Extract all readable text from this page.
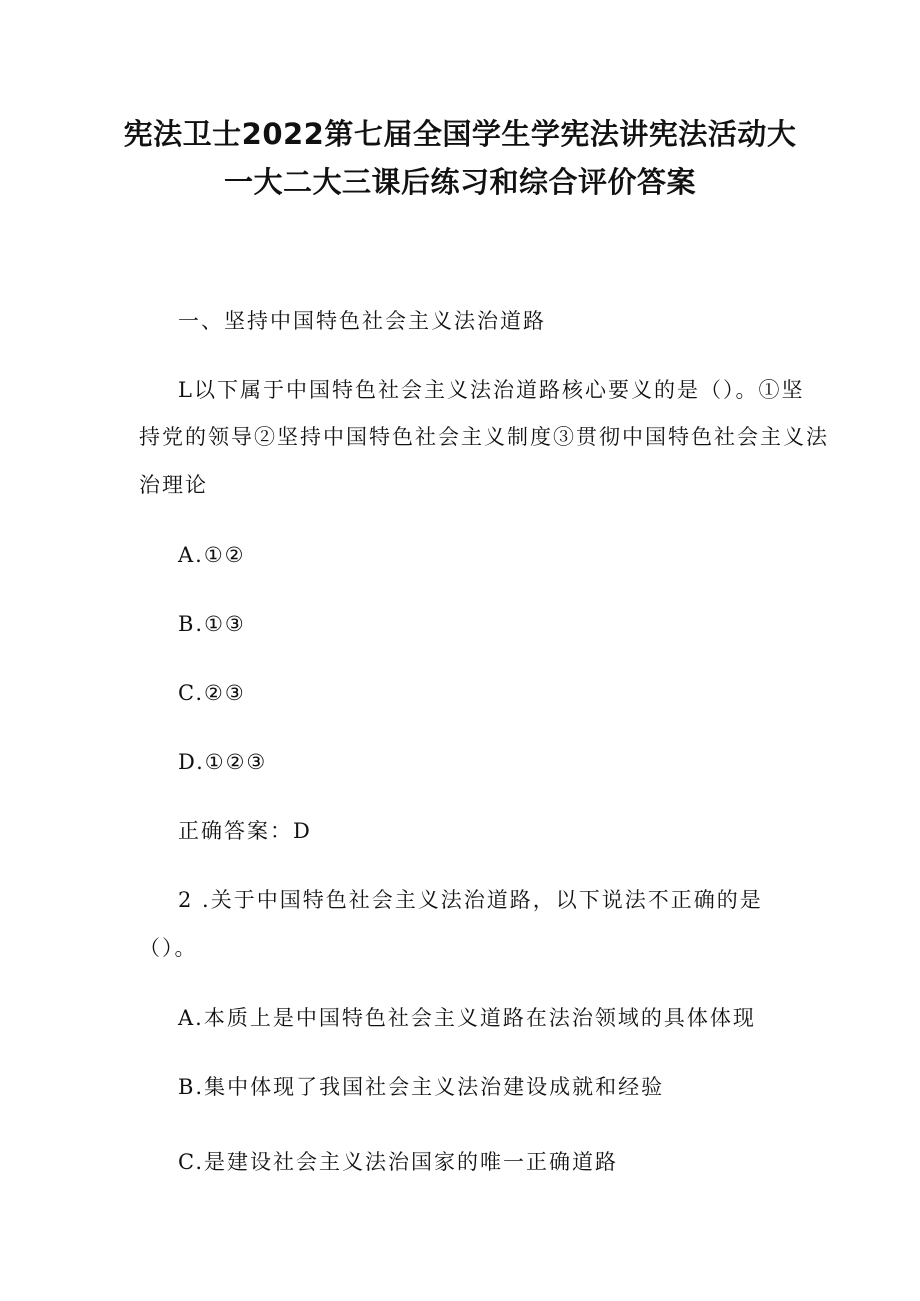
宪法卫士2022第七届全国学生学宪法讲宪法活动大
一大二大三课后练习和综合评价答案

一、坚持中国特色社会主义法治道路

L以下属于中国特色社会主义法治道路核心要义的是（）。①坚

持党的领导②坚持中国特色社会主义制度③贯彻中国特色社会主义法

治理论

A.①②

B.①③

C.②③

D.①②③

正确答案：D

2 .关于中国特色社会主义法治道路，以下说法不正确的是

（）。

A.本质上是中国特色社会主义道路在法治领域的具体体现

B.集中体现了我国社会主义法治建设成就和经验

C.是建设社会主义法治国家的唯一正确道路
